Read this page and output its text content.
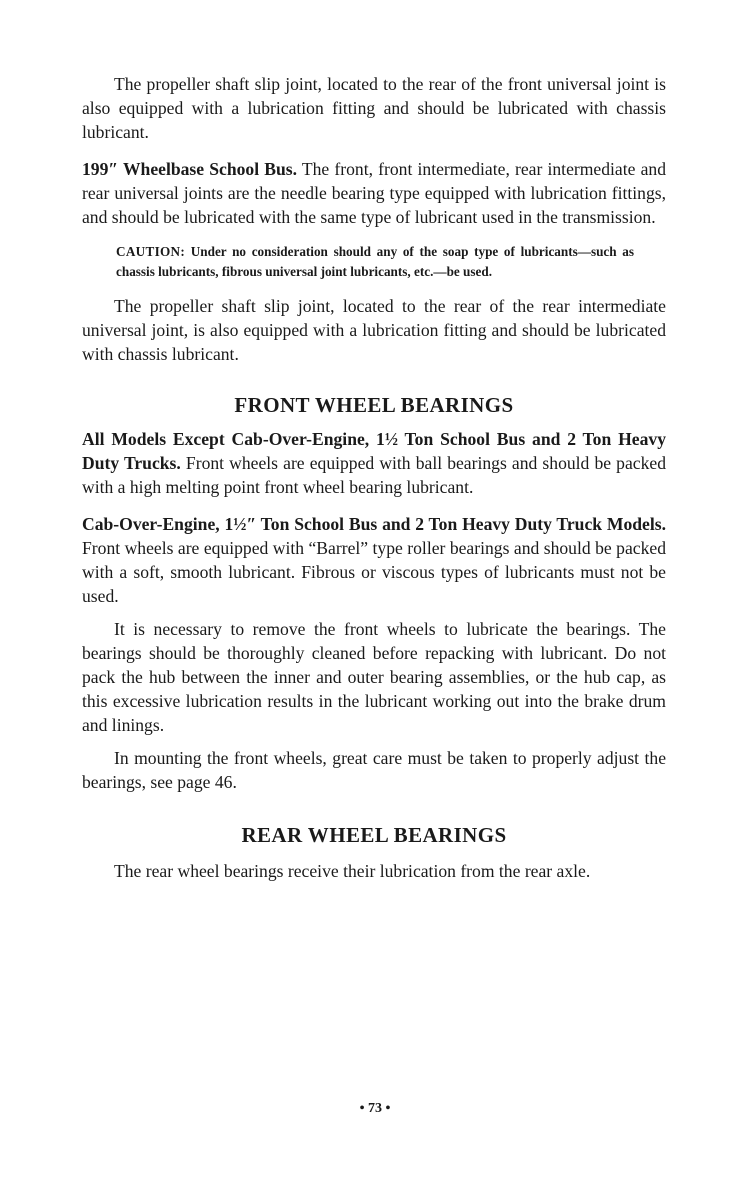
The propeller shaft slip joint, located to the rear of the front universal joint is also equipped with a lubrication fitting and should be lubricated with chassis lubricant.

199″ Wheelbase School Bus. The front, front intermediate, rear intermediate and rear universal joints are the needle bearing type equipped with lubrication fittings, and should be lubricated with the same type of lubricant used in the transmission.

CAUTION: Under no consideration should any of the soap type of lubricants—such as chassis lubricants, fibrous universal joint lubricants, etc.—be used.

The propeller shaft slip joint, located to the rear of the rear intermediate universal joint, is also equipped with a lubrication fitting and should be lubricated with chassis lubricant.

FRONT WHEEL BEARINGS

All Models Except Cab-Over-Engine, 1½ Ton School Bus and 2 Ton Heavy Duty Trucks. Front wheels are equipped with ball bearings and should be packed with a high melting point front wheel bearing lubricant.

Cab-Over-Engine, 1½″ Ton School Bus and 2 Ton Heavy Duty Truck Models. Front wheels are equipped with “Barrel” type roller bearings and should be packed with a soft, smooth lubricant. Fibrous or viscous types of lubricants must not be used.

It is necessary to remove the front wheels to lubricate the bearings. The bearings should be thoroughly cleaned before repacking with lubricant. Do not pack the hub between the inner and outer bearing assemblies, or the hub cap, as this excessive lubrication results in the lubricant working out into the brake drum and linings.

In mounting the front wheels, great care must be taken to properly adjust the bearings, see page 46.

REAR WHEEL BEARINGS

The rear wheel bearings receive their lubrication from the rear axle.

• 73 •
